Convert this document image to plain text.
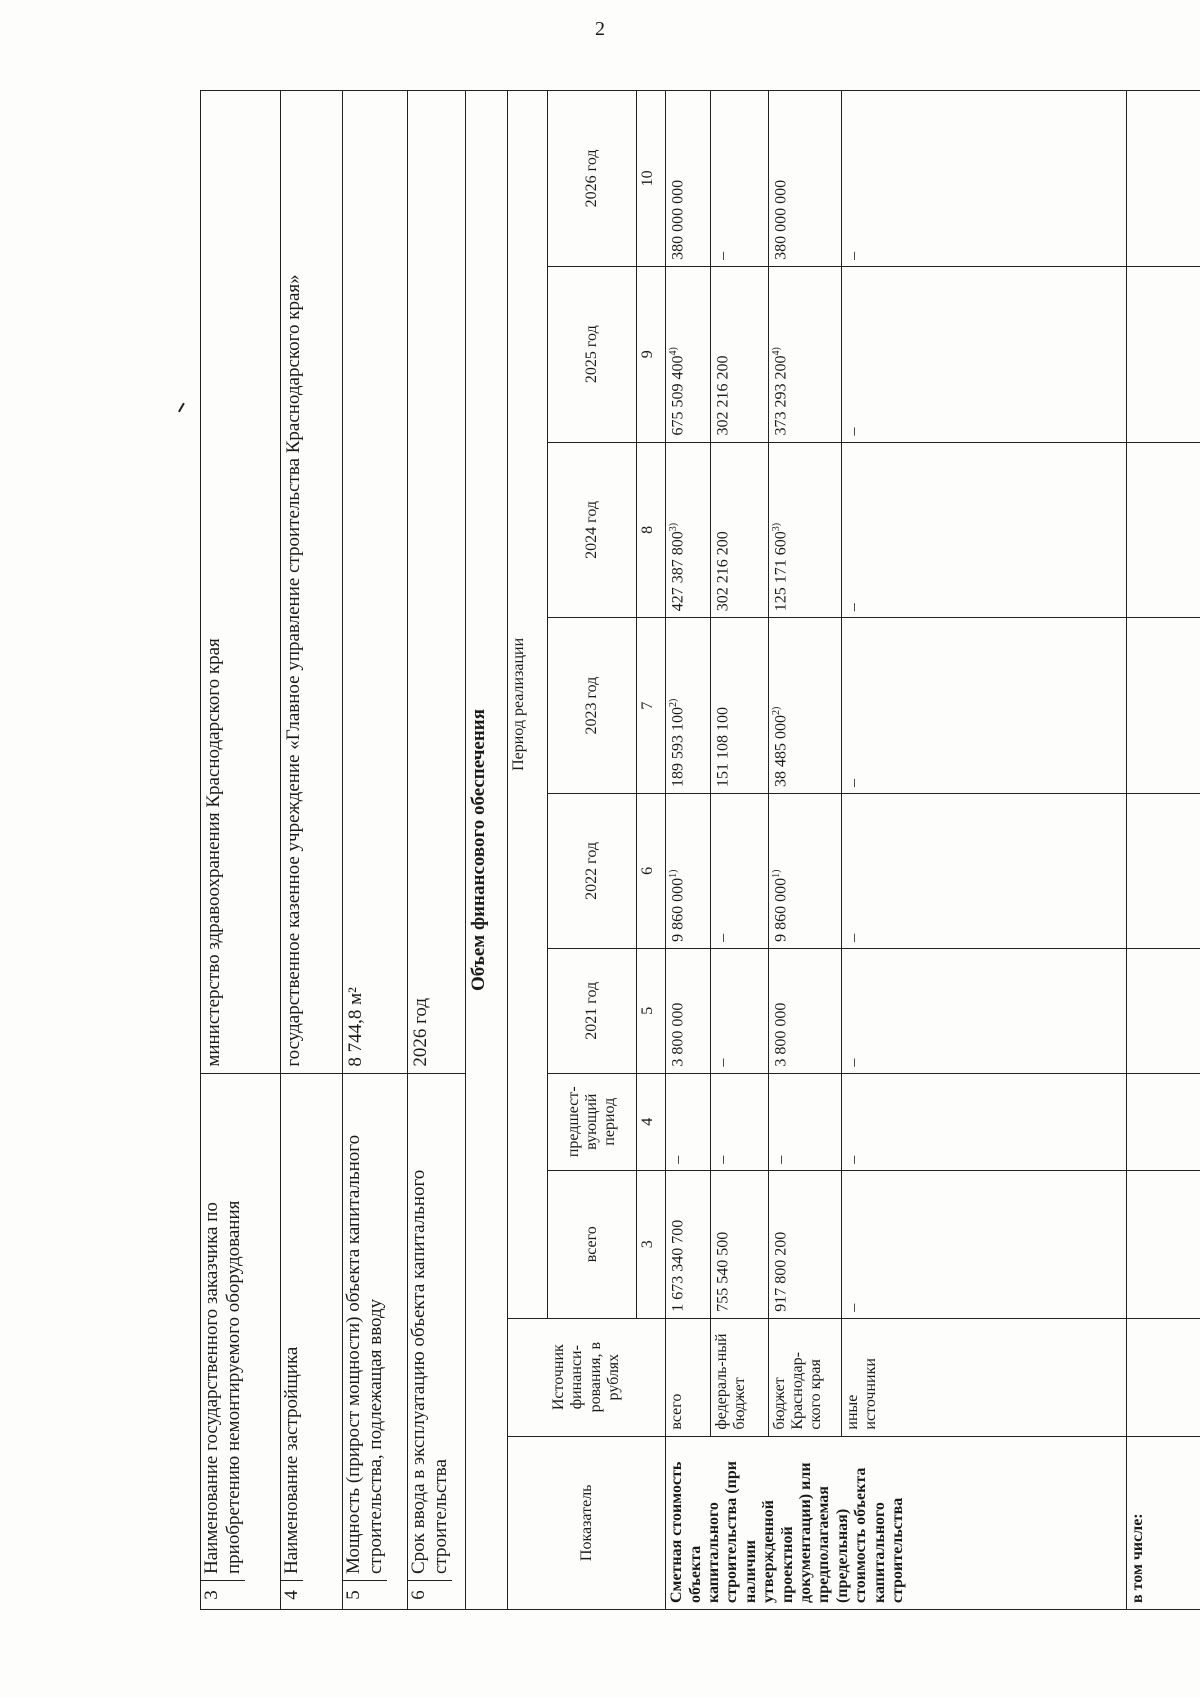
2
3
Наименование государственного заказчика по приобретению немонтируемого оборудования				министерство здравоохранения Краснодарского края					

4
Наименование застройщика				государственное казенное учреждение «Главное управление строительства Краснодарского края»					

5
Мощность (прирост мощности) объекта капитального строительства, подлежащая вводу				8 744,8 м²					

6
Срок ввода в эксплуатацию объекта капитального строительства				2026 год					
Объем финансового обеспечения									
Показатель	Источник финанси-рования, в рублях	Период реализации							
		всего	предшест-вующий период	2021 год	2022 год	2023 год	2024 год	2025 год	2026 год
		3	4	5	6	7	8	9	10
Сметная стоимость объекта капитального строительства (при наличии утвержденной проектной документации) или предполагаемая (предельная) стоимость объекта капитального строительства	всего	1 673 340 700	–	3 800 000	9 860 000$^{1)}$	189 593 100$^{2)}$	427 387 800$^{3)}$	675 509 400$^{4)}$	380 000 000
	федераль-ный бюджет	755 540 500	–	–	–	151 108 100	302 216 200	302 216 200	–
	бюджет Краснодар-ского края	917 800 200	–	3 800 000	9 860 000$^{1)}$	38 485 000$^{2)}$	125 171 600$^{3)}$	373 293 200$^{4)}$	380 000 000
	иные источники	–	–	–	–	–	–	–	–
в том числе:									
